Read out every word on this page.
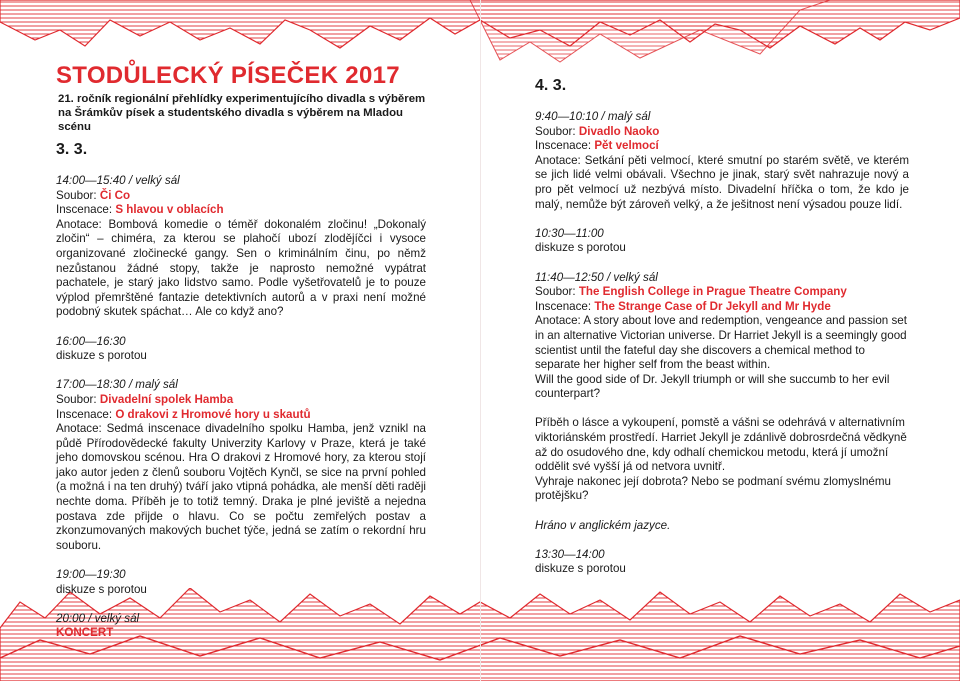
STODŮLECKÝ PÍSEČEK 2017
21. ročník regionální přehlídky experimentujícího divadla s výběrem
na Šrámkův písek a studentského divadla s výběrem na Mladou scénu
3. 3.
14:00—15:40 / velký sál
Soubor: Či Co
Inscenace: S hlavou v oblacích

Anotace: Bombová komedie o téměř dokonalém zločinu! „Dokonalý zločin“ – chiméra, za kterou se plahočí ubozí zlodějíčci i vysoce organizované zločinecké gangy. Sen o kriminálním činu, po němž nezůstanou žádné stopy, takže je naprosto nemožné vypátrat pachatele, je starý jako lidstvo samo. Podle vyšetřovatelů je to pouze výplod přemrštěné fantazie detektivních autorů a v praxi není možné podobný skutek spáchat… Ale co když ano?

16:00—16:30
diskuze s porotou
17:00—18:30 / malý sál
Soubor: Divadelní spolek Hamba
Inscenace: O drakovi z Hromové hory u skautů

Anotace: Sedmá inscenace divadelního spolku Hamba, jenž vznikl na půdě Přírodovědecké fakulty Univerzity Karlovy v Praze, která je také jeho domovskou scénou. Hra O drakovi z Hromové hory, za kterou stojí jako autor jeden z členů souboru Vojtěch Kynčl, se sice na první pohled (a možná i na ten druhý) tváří jako vtipná pohádka, ale menší děti raději nechte doma. Příběh je to totiž temný. Draka je plné jeviště a nejedna postava zde přijde o hlavu. Co se počtu zemřelých postav a zkonzumovaných makových buchet týče, jedná se zatím o rekordní hru souboru.

19:00—19:30
diskuze s porotou
20:00 / velký sál
KONCERT
4. 3.
9:40—10:10 / malý sál
Soubor: Divadlo Naoko
Inscenace: Pět velmocí

Anotace: Setkání pěti velmocí, které smutní po starém světě, ve kterém se jich lidé velmi obávali. Všechno je jinak, starý svět nahrazuje nový a pro pět velmocí už nezbývá místo. Divadelní hříčka o tom, že kdo je malý, nemůže být zároveň velký, a že ješitnost není výsadou pouze lidí.

10:30—11:00
diskuze s porotou
11:40—12:50 / velký sál
Soubor: The English College in Prague Theatre Company
Inscenace: The Strange Case of Dr Jekyll and Mr Hyde

Anotace: A story about love and redemption, vengeance and passion set in an alternative Victorian universe. Dr Harriet Jekyll is a seemingly good scientist until the fateful day she discovers a chemical method to separate her higher self from the beast within.

Will the good side of Dr. Jekyll triumph or will she succumb to her evil counterpart?

Příběh o lásce a vykoupení, pomstě a vášni se odehrává v alternativním viktoriánském prostředí. Harriet Jekyll je zdánlivě dobrosrdečná vědkyně až do osudového dne, kdy odhalí chemickou metodu, která jí umožní oddělit své vyšší já od netvora uvnitř.

Vyhraje nakonec její dobrota? Nebo se podmaní svému zlomyslnému protějšku?

Hráno v anglickém jazyce.

13:30—14:00
diskuze s porotou
